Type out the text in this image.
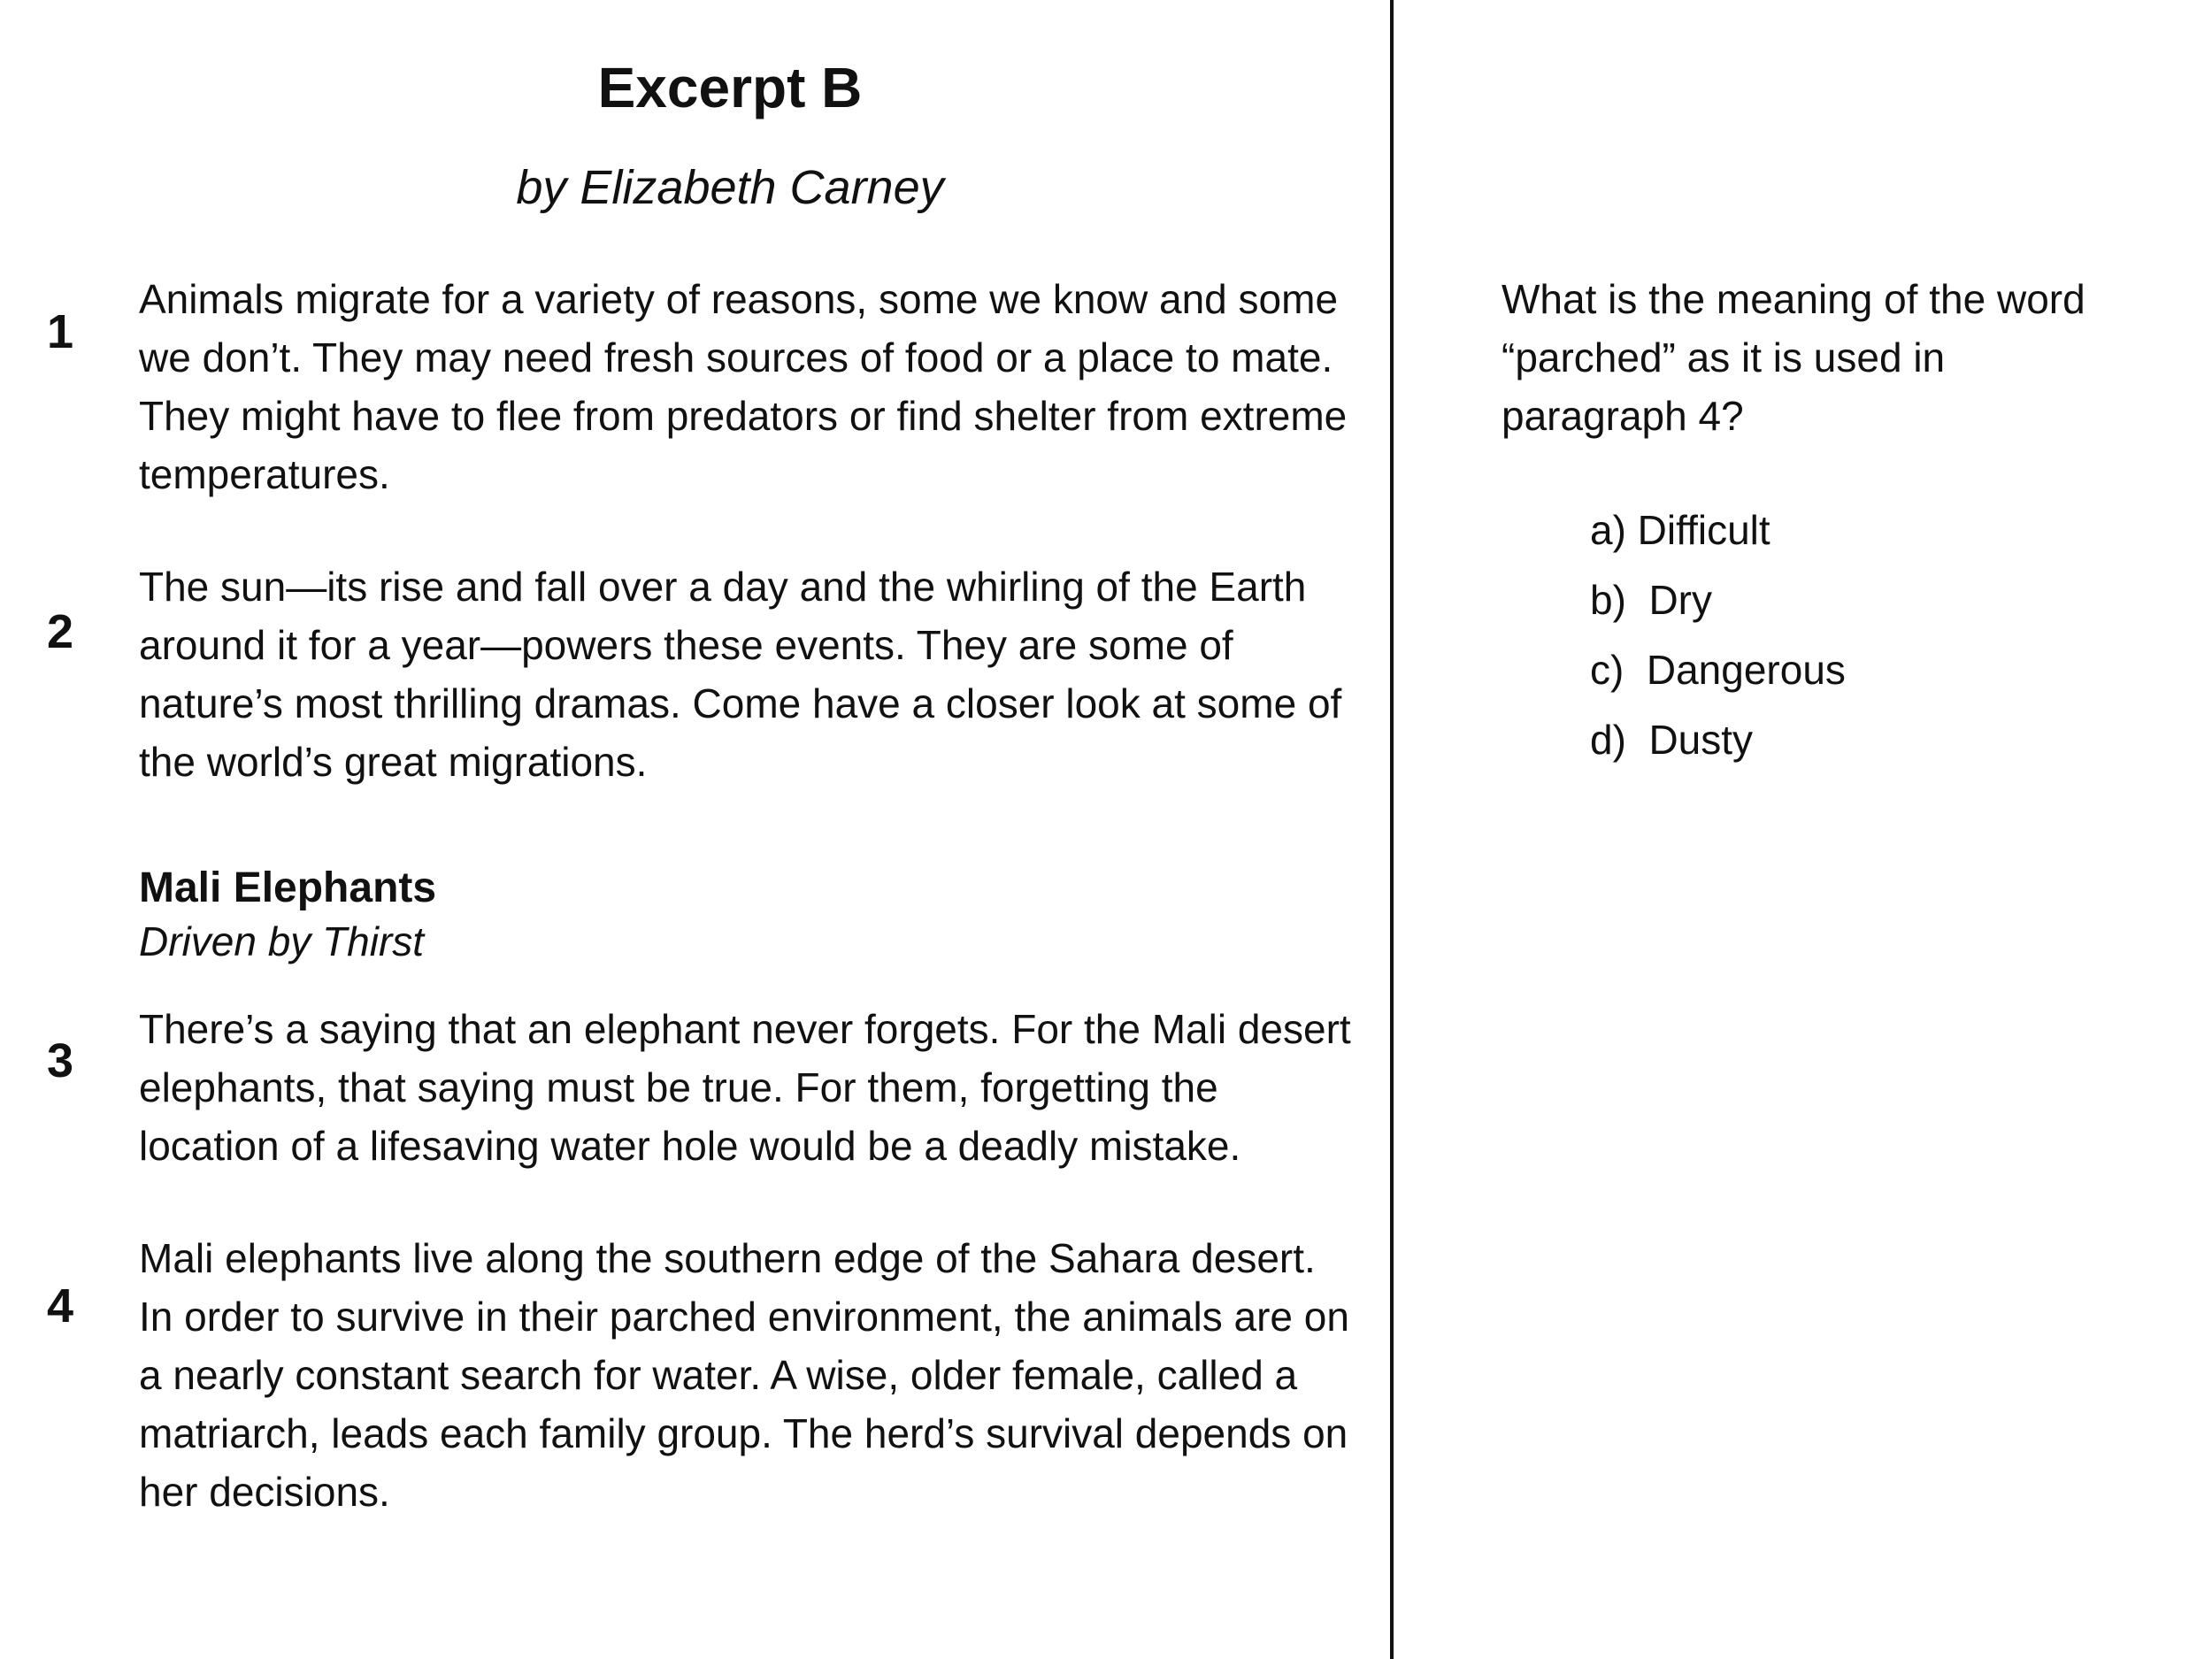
Excerpt B
by Elizabeth Carney
1

Animals migrate for a variety of reasons, some we know and some we don’t. They may need fresh sources of food or a place to mate. They might have to flee from predators or find shelter from extreme temperatures.

2

The sun—its rise and fall over a day and the whirling of the Earth around it for a year—powers these events. They are some of nature’s most thrilling dramas. Come have a closer look at some of the world’s great migrations.

Mali Elephants
Driven by Thirst
3

There’s a saying that an elephant never forgets. For the Mali desert elephants, that saying must be true. For them, forgetting the location of a lifesaving water hole would be a deadly mistake.

4

Mali elephants live along the southern edge of the Sahara desert. In order to survive in their parched environment, the animals are on a nearly constant search for water. A wise, older female, called a matriarch, leads each family group. The herd’s survival depends on her decisions.

What is the meaning of the word “parched” as it is used in paragraph 4?

a) Difficult
b)  Dry
c)  Dangerous
d)  Dusty
